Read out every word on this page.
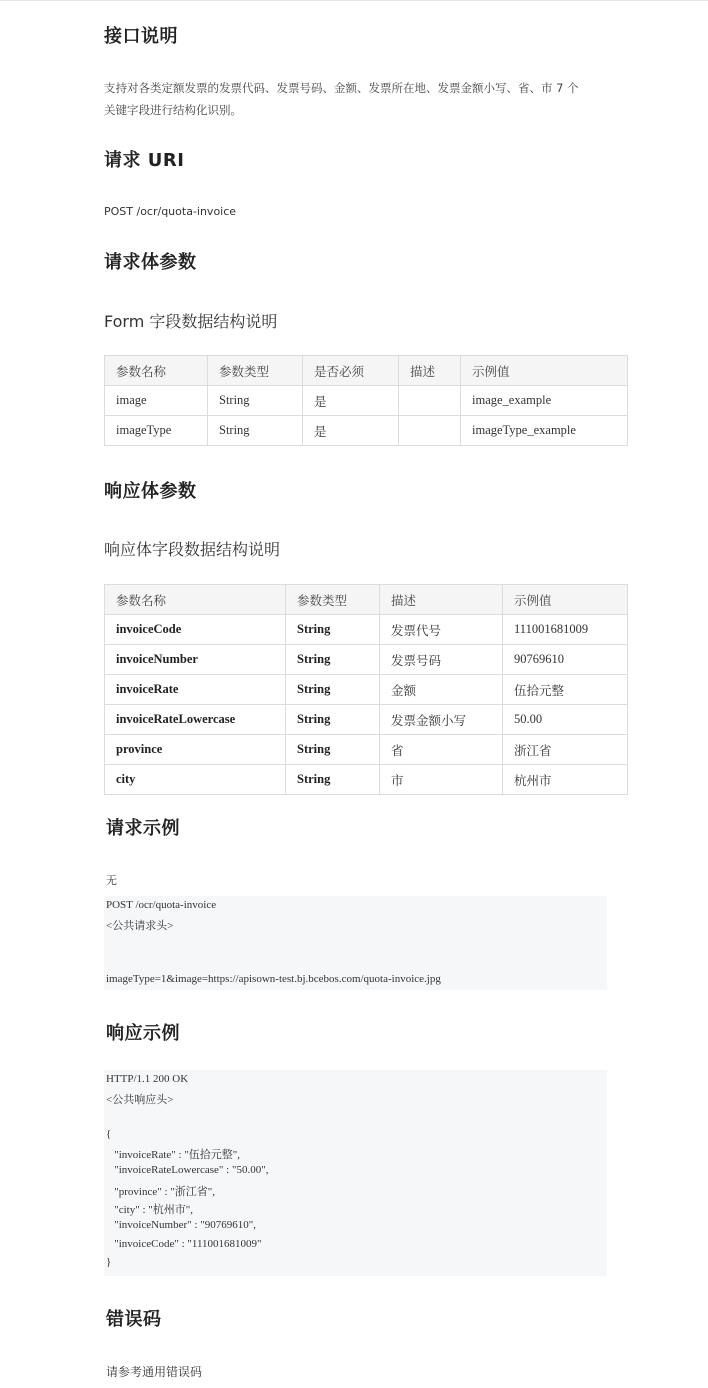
接口说明
支持对各类定额发票的发票代码、发票号码、金额、发票所在地、发票金额小写、省、市 7 个
关键字段进行结构化识别。
请求 URI
POST /ocr/quota-invoice
请求体参数
Form 字段数据结构说明
参数名称	参数类型	是否必须	描述	示例值
image	String	是		image_example
imageType	String	是		imageType_example
响应体参数
响应体字段数据结构说明
参数名称	参数类型	描述	示例值
invoiceCode	String	发票代号	111001681009
invoiceNumber	String	发票号码	90769610
invoiceRate	String	金额	伍拾元整
invoiceRateLowercase	String	发票金额小写	50.00
province	String	省	浙江省
city	String	市	杭州市
请求示例
无
POST /ocr/quota-invoice
<公共请求头>
imageType=1&image=https://apisown-test.bj.bcebos.com/quota-invoice.jpg
响应示例
HTTP/1.1 200 OK
<公共响应头>
{
"invoiceRate" : "伍拾元整",
"invoiceRateLowercase" : "50.00",
"province" : "浙江省",
"city" : "杭州市",
"invoiceNumber" : "90769610",
"invoiceCode" : "111001681009"
}
错误码
请参考通用错误码
